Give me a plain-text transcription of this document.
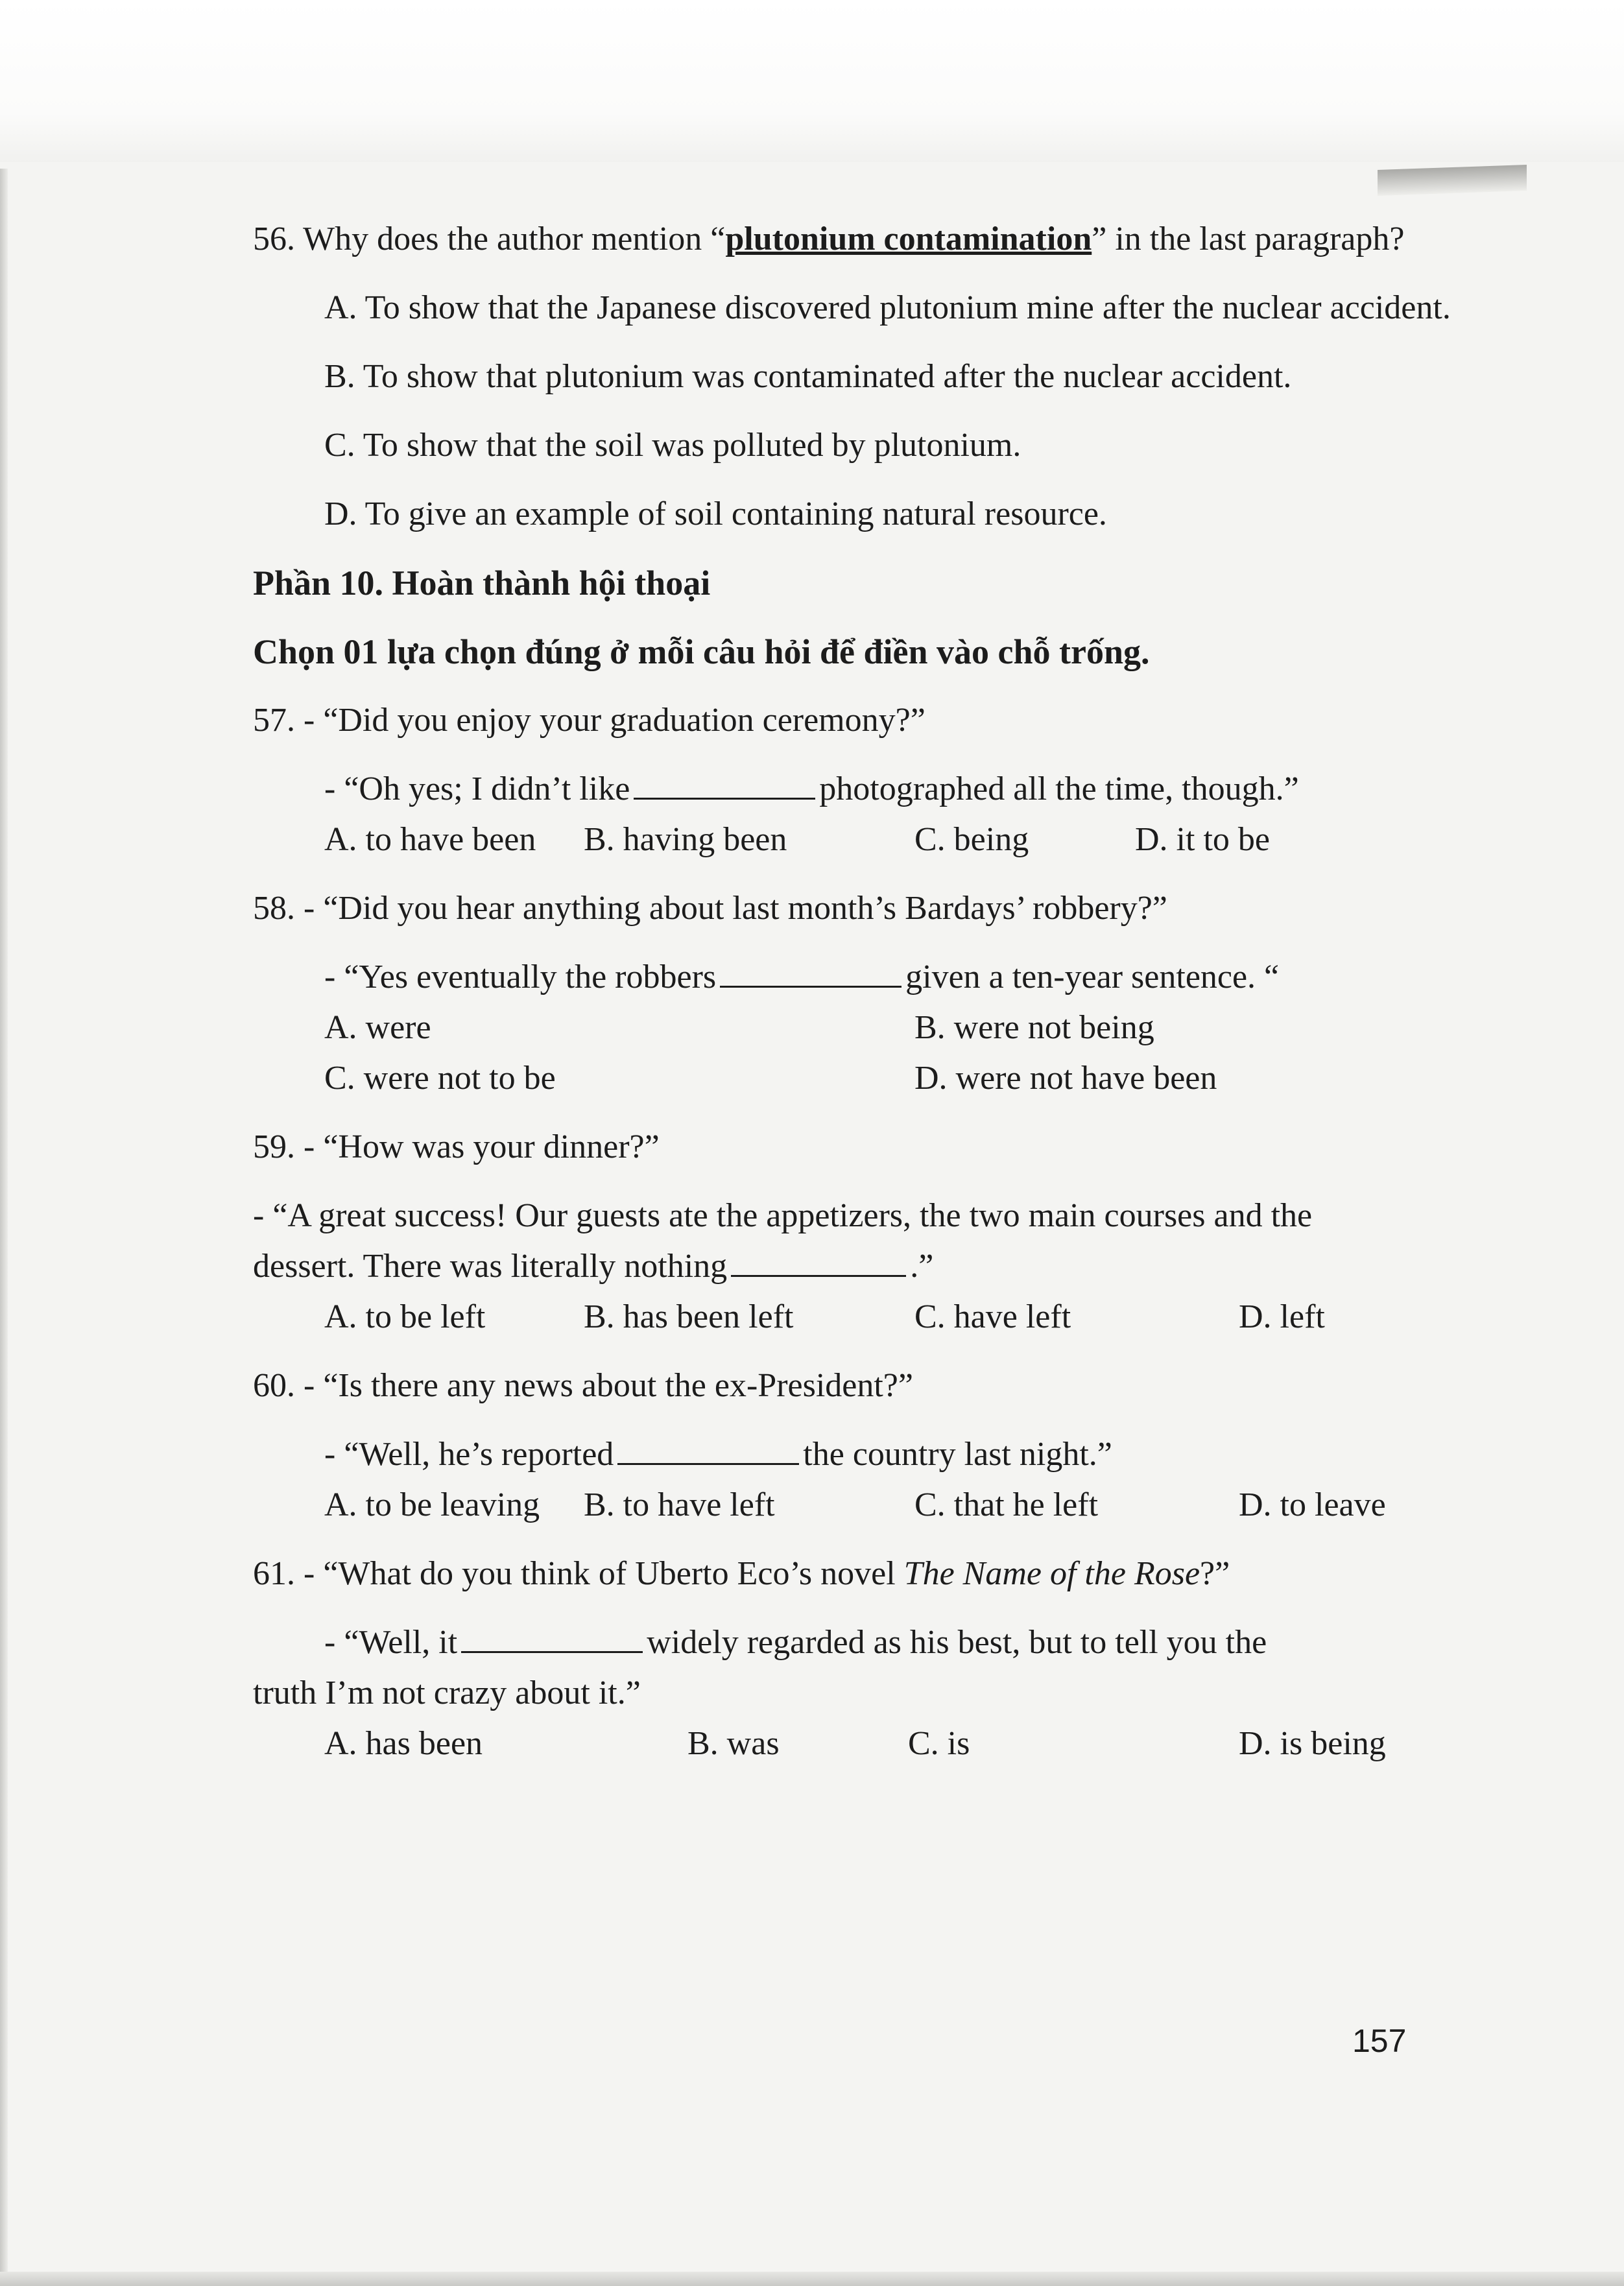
56. Why does the author mention “plutonium contamination” in the last paragraph?

A. To show that the Japanese discovered plutonium mine after the nuclear accident.

B. To show that plutonium was contaminated after the nuclear accident.

C. To show that the soil was polluted by plutonium.

D. To give an example of soil containing natural resource.

Phần 10. Hoàn thành hội thoại

Chọn 01 lựa chọn đúng ở mỗi câu hỏi để điền vào chỗ trống.

57. - “Did you enjoy your graduation ceremony?”

- “Oh yes; I didn’t like	photographed all the time, though.”

A. to have been	B. having been	C. being	D. it to be

58. - “Did you hear anything about last month’s Bardays’ robbery?”

- “Yes eventually the robbers	given a ten-year sentence. “

A. were	B. were not being
C. were not to be	D. were not have been

59. - “How was your dinner?”

- “A great success! Our guests ate the appetizers, the two main courses and the
dessert. There was literally nothing	.”

A. to be left	B. has been left	C. have left	D. left

60. - “Is there any news about the ex-President?”

- “Well, he’s reported	the country last night.”

A. to be leaving	B. to have left	C. that he left	D. to leave

61. - “What do you think of Uberto Eco’s novel The Name of the Rose?”

- “Well, it	widely regarded as his best, but to tell you the
truth I’m not crazy about it.”

A. has been	B. was	C. is	D. is being
157
